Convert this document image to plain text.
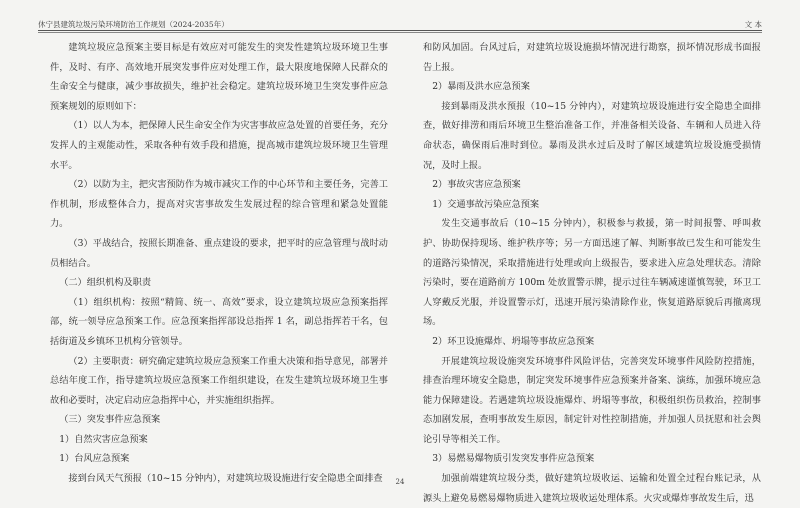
休宁县建筑垃圾污染环境防治工作规划（2024-2035年）	文 本

建筑垃圾应急预案主要目标是有效应对可能发生的突发性建筑垃圾环境卫生事件，及时、有序、高效地开展突发事件应对处理工作，最大限度地保障人民群众的生命安全与健康，减少事故损失，维护社会稳定。建筑垃圾环境卫生突发事件应急预案规划的原则如下：

（1）以人为本，把保障人民生命安全作为灾害事故应急处置的首要任务，充分发挥人的主观能动性，采取各种有效手段和措施，提高城市建筑垃圾环境卫生管理水平。

（2）以防为主，把灾害预防作为城市减灾工作的中心环节和主要任务，完善工作机制，形成整体合力，提高对灾害事故发生发展过程的综合管理和紧急处置能力。

（3）平战结合，按照长期准备、重点建设的要求，把平时的应急管理与战时动员相结合。

（二）组织机构及职责

（1）组织机构：按照“精简、统一、高效”要求，设立建筑垃圾应急预案指挥部，统一领导应急预案工作。应急预案指挥部设总指挥 1 名，副总指挥若干名，包括街道及乡镇环卫机构分管领导。

（2）主要职责：研究确定建筑垃圾应急预案工作重大决策和指导意见，部署并总结年度工作，指导建筑垃圾应急预案工作组织建设，在发生建筑垃圾环境卫生事故和必要时，决定启动应急指挥中心，并实施组织指挥。

（三）突发事件应急预案

1）自然灾害应急预案

1）台风应急预案

接到台风天气预报（10~15 分钟内），对建筑垃圾设施进行安全隐患全面排查

和防风加固。台风过后，对建筑垃圾设施损坏情况进行勘察，损坏情况形成书面报告上报。

2）暴雨及洪水应急预案

接到暴雨及洪水预报（10~15 分钟内），对建筑垃圾设施进行安全隐患全面排查，做好排涝和雨后环境卫生整治准备工作，并准备相关设备、车辆和人员进入待命状态，确保雨后准时到位。暴雨及洪水过后及时了解区域建筑垃圾设施受损情况，及时上报。

2）事故灾害应急预案

1）交通事故污染应急预案

发生交通事故后（10~15 分钟内），积极参与救援，第一时间报警、呼叫救护、协助保持现场、维护秩序等；另一方面迅速了解、判断事故已发生和可能发生的道路污染情况，采取措施进行处理或向上级报告，要求进入应急处理状态。清除污染时，要在道路前方 100m 处放置警示牌，提示过往车辆减速谨慎驾驶，环卫工人穿戴反光服，并设置警示灯，迅速开展污染清除作业，恢复道路原貌后再撤离现场。

2）环卫设施爆炸、坍塌等事故应急预案

开展建筑垃圾设施突发环境事件风险评估，完善突发环境事件风险防控措施，排查治理环境安全隐患，制定突发环境事件应急预案并备案、演练，加强环境应急能力保障建设。若遇建筑垃圾设施爆炸、坍塌等事故，积极组织伤员救治，控制事态加剧发展，查明事故发生原因，制定针对性控制措施，并加强人员抚慰和社会舆论引导等相关工作。

3）易燃易爆物质引发突发事件应急预案

加强前端建筑垃圾分类，做好建筑垃圾收运、运输和处置全过程台账记录，从源头上避免易燃易爆物质进入建筑垃圾收运处理体系。火灾或爆炸事故发生后，迅

24
